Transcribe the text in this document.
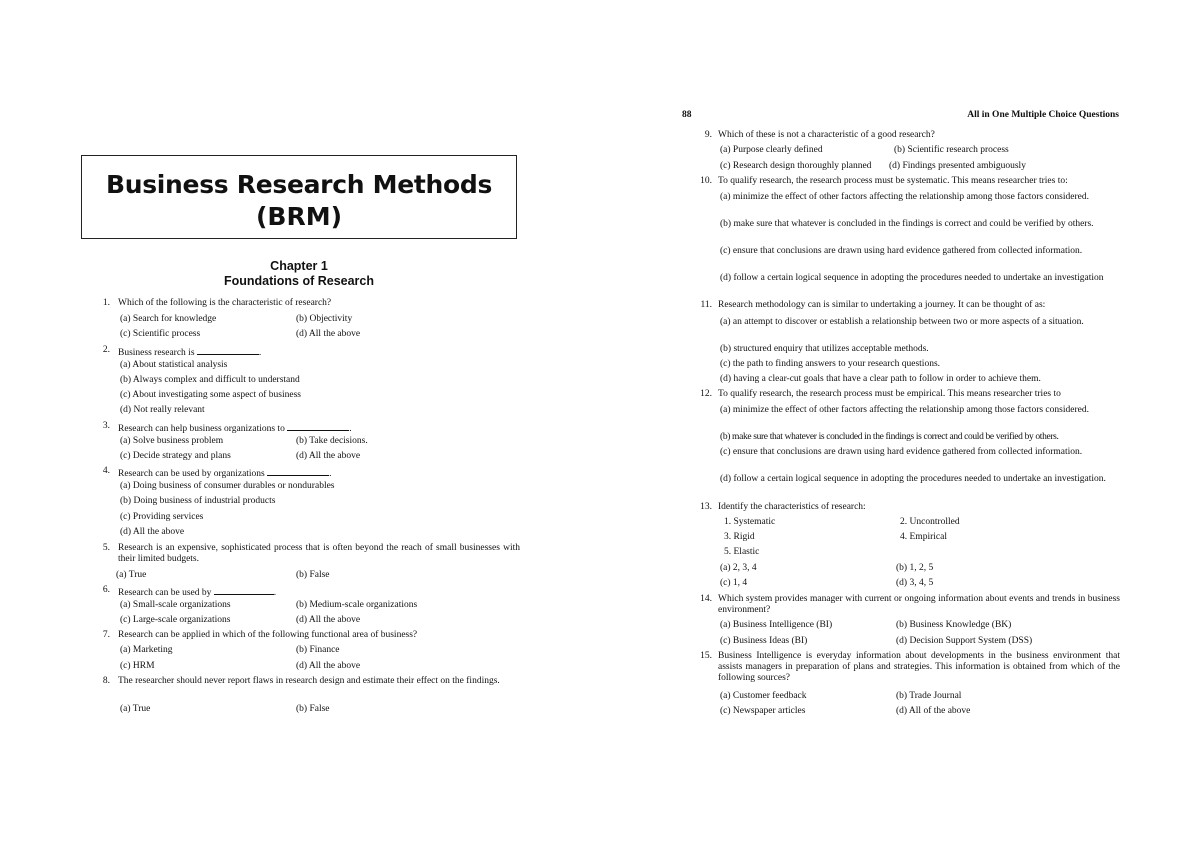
Business Research Methods
(BRM)
Chapter 1
Foundations of Research
1. Which of the following is the characteristic of research?
(a) Search for knowledge	(b) Objectivity
(c) Scientific process	(d) All the above
2. Business research is	.
(a) About statistical analysis
(b) Always complex and difficult to understand
(c) About investigating some aspect of business
(d) Not really relevant
3. Research can help business organizations to	.
(a) Solve business problem	(b) Take decisions.
(c) Decide strategy and plans	(d) All the above
4. Research can be used by organizations	.
(a) Doing business of consumer durables or nondurables
(b) Doing business of industrial products
(c) Providing services
(d) All the above
5. Research is an expensive, sophisticated process that is often beyond the reach of small businesses with their limited budgets.
(a) True	(b) False
6. Research can be used by	.
(a) Small-scale organizations	(b) Medium-scale organizations
(c) Large-scale organizations	(d) All the above
7. Research can be applied in which of the following functional area of business?
(a) Marketing	(b) Finance
(c) HRM	(d) All the above
8. The researcher should never report flaws in research design and estimate their effect on the findings.
(a) True	(b) False
88	All in One Multiple Choice Questions
9. Which of these is not a characteristic of a good research?
(a) Purpose clearly defined	(b) Scientific research process
(c) Research design thoroughly planned (d) Findings presented ambiguously
10. To qualify research, the research process must be systematic. This means researcher tries to:
(a) minimize the effect of other factors affecting the relationship among those factors considered.
(b) make sure that whatever is concluded in the findings is correct and could be verified by others.
(c) ensure that conclusions are drawn using hard evidence gathered from collected information.
(d) follow a certain logical sequence in adopting the procedures needed to undertake an investigation
11. Research methodology can is similar to undertaking a journey. It can be thought of as:
(a) an attempt to discover or establish a relationship between two or more aspects of a situation.
(b) structured enquiry that utilizes acceptable methods.
(c) the path to finding answers to your research questions.
(d) having a clear-cut goals that have a clear path to follow in order to achieve them.
12. To qualify research, the research process must be empirical. This means researcher tries to
(a) minimize the effect of other factors affecting the relationship among those factors considered.
(b) make sure that whatever is concluded in the findings is correct and could be verified by others.
(c) ensure that conclusions are drawn using hard evidence gathered from collected information.
(d) follow a certain logical sequence in adopting the procedures needed to undertake an investigation.
13. Identify the characteristics of research:
1. Systematic	2. Uncontrolled
3. Rigid	4. Empirical
5. Elastic
(a) 2, 3, 4	(b) 1, 2, 5
(c) 1, 4	(d) 3, 4, 5
14. Which system provides manager with current or ongoing information about events and trends in business environment?
(a) Business Intelligence (BI)	(b) Business Knowledge (BK)
(c) Business Ideas (BI)	(d) Decision Support System (DSS)
15. Business Intelligence is everyday information about developments in the business environment that assists managers in preparation of plans and strategies. This information is obtained from which of the following sources?
(a) Customer feedback	(b) Trade Journal
(c) Newspaper articles	(d) All of the above
